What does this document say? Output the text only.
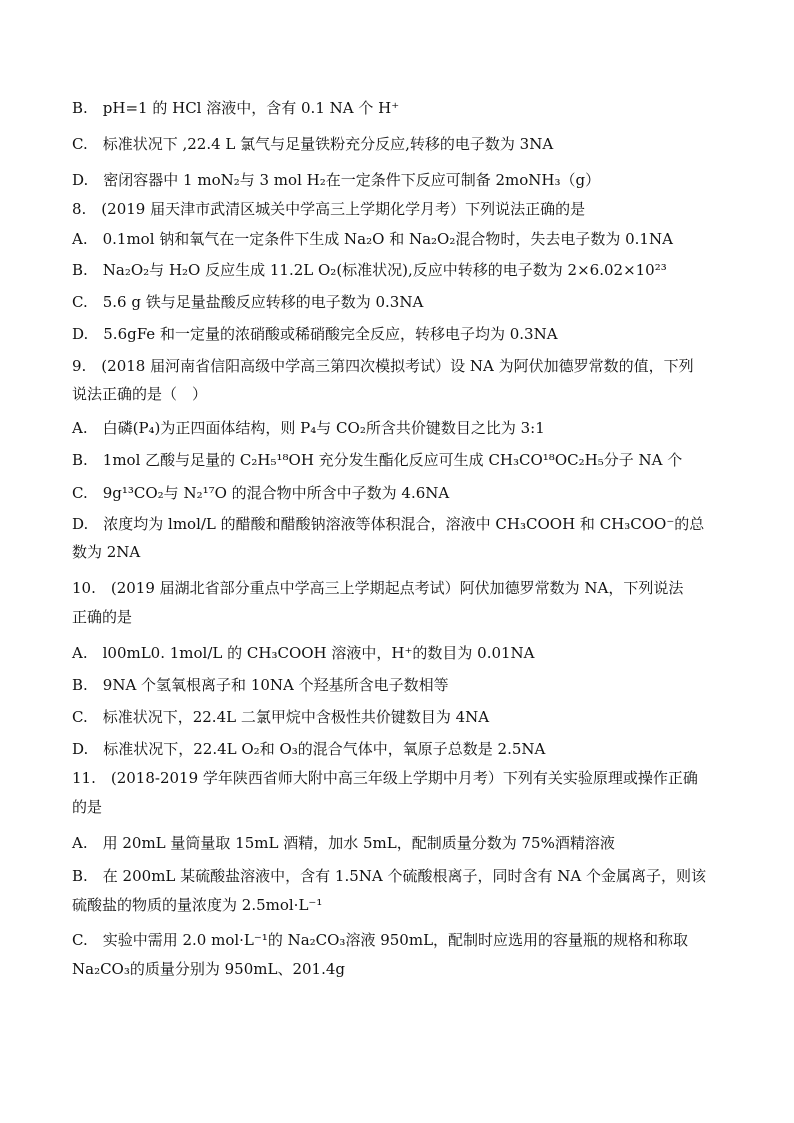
B.　pH=1 的 HCl 溶液中，含有 0.1 NA 个 H⁺
C.　标准状况下 ,22.4 L 氯气与足量铁粉充分反应,转移的电子数为 3NA
D.　密闭容器中 1 moN₂与 3 mol H₂在一定条件下反应可制备 2moNH₃（g）
8.　(2019 届天津市武清区城关中学高三上学期化学月考）下列说法正确的是
A.　0.1mol 钠和氧气在一定条件下生成 Na₂O 和 Na₂O₂混合物时，失去电子数为 0.1NA
B.　Na₂O₂与 H₂O 反应生成 11.2L O₂(标准状况),反应中转移的电子数为 2×6.02×10²³
C.　5.6 g 铁与足量盐酸反应转移的电子数为 0.3NA
D.　5.6gFe 和一定量的浓硝酸或稀硝酸完全反应，转移电子均为 0.3NA
9.　(2018 届河南省信阳高级中学高三第四次模拟考试）设 NA 为阿伏加德罗常数的值，下列
说法正确的是（　）
A.　白磷(P₄)为正四面体结构，则 P₄与 CO₂所含共价键数目之比为 3:1
B.　1mol 乙酸与足量的 C₂H₅¹⁸OH 充分发生酯化反应可生成 CH₃CO¹⁸OC₂H₅分子 NA 个
C.　9g¹³CO₂与 N₂¹⁷O 的混合物中所含中子数为 4.6NA
D.　浓度均为 lmol/L 的醋酸和醋酸钠溶液等体积混合，溶液中 CH₃COOH 和 CH₃COO⁻的总
数为 2NA
10.　(2019 届湖北省部分重点中学高三上学期起点考试）阿伏加德罗常数为 NA，下列说法
正确的是
A.　l00mL0. 1mol/L 的 CH₃COOH 溶液中，H⁺的数目为 0.01NA
B.　9NA 个氢氧根离子和 10NA 个羟基所含电子数相等
C.　标准状况下，22.4L 二氯甲烷中含极性共价键数目为 4NA
D.　标准状况下，22.4L O₂和 O₃的混合气体中，氧原子总数是 2.5NA
11.　(2018-2019 学年陕西省师大附中高三年级上学期中月考）下列有关实验原理或操作正确
的是
A.　用 20mL 量筒量取 15mL 酒精，加水 5mL，配制质量分数为 75%酒精溶液
B.　在 200mL 某硫酸盐溶液中，含有 1.5NA 个硫酸根离子，同时含有 NA 个金属离子，则该
硫酸盐的物质的量浓度为 2.5mol·L⁻¹
C.　实验中需用 2.0 mol·L⁻¹的 Na₂CO₃溶液 950mL，配制时应选用的容量瓶的规格和称取
Na₂CO₃的质量分别为 950mL、201.4g
